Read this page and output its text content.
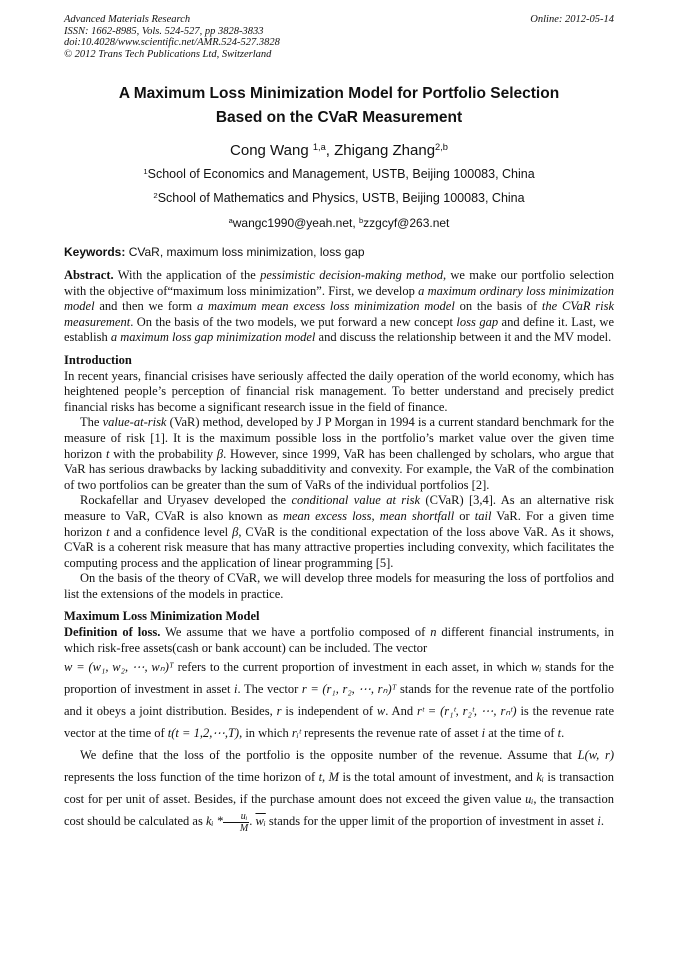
Advanced Materials Research
ISSN: 1662-8985, Vols. 524-527, pp 3828-3833
doi:10.4028/www.scientific.net/AMR.524-527.3828
© 2012 Trans Tech Publications Ltd, Switzerland
Online: 2012-05-14
A Maximum Loss Minimization Model for Portfolio Selection
Based on the CVaR Measurement
Cong Wang $^{1,a}$, Zhigang Zhang$^{2,b}$
$^1$School of Economics and Management, USTB, Beijing 100083, China
$^2$School of Mathematics and Physics, USTB, Beijing 100083, China
$^a$wangc1990@yeah.net, $^b$zzgcyf@263.net
Keywords: CVaR, maximum loss minimization, loss gap

Abstract. With the application of the pessimistic decision-making method, we make our portfolio selection with the objective of“maximum loss minimization”. First, we develop a maximum ordinary loss minimization model and then we form a maximum mean excess loss minimization model on the basis of the CVaR risk measurement. On the basis of the two models, we put forward a new concept loss gap and define it. Last, we establish a maximum loss gap minimization model and discuss the relationship between it and the MV model.

Introduction

In recent years, financial crisises have seriously affected the daily operation of the world economy, which has heightened people’s perception of financial risk management. To better understand and precisely predict financial risks has become a significant research issue in the field of finance.

The value-at-risk (VaR) method, developed by J P Morgan in 1994 is a current standard benchmark for the measure of risk [1]. It is the maximum possible loss in the portfolio’s market value over the given time horizon t with the probability β. However, since 1999, VaR has been challenged by scholars, who argue that VaR has serious drawbacks by lacking subadditivity and convexity. For example, the VaR of the combination of two portfolios can be greater than the sum of VaRs of the individual portfolios [2].

Rockafellar and Uryasev developed the conditional value at risk (CVaR) [3,4]. As an alternative risk measure to VaR, CVaR is also known as mean excess loss, mean shortfall or tail VaR. For a given time horizon t and a confidence level β, CVaR is the conditional expectation of the loss above VaR. As it shows, CVaR is a coherent risk measure that has many attractive properties including convexity, which facilitates the computing process and the application of linear programming [5].

On the basis of the theory of CVaR, we will develop three models for measuring the loss of portfolios and list the extensions of the models in practice.

Maximum Loss Minimization Model

Definition of loss. We assume that we have a portfolio composed of n different financial instruments, in which risk-free assets(cash or bank account) can be included. The vector

w = (w₁, w₂, ⋯, wₙ)ᵀ refers to the current proportion of investment in each asset, in which wᵢ stands for the proportion of investment in asset i. The vector r = (r₁, r₂, ⋯, rₙ)ᵀ stands for the revenue rate of the portfolio and it obeys a joint distribution. Besides, r is independent of w. And rᵗ = (r₁ᵗ, r₂ᵗ, ⋯, rₙᵗ) is the revenue rate vector at the time of t(t = 1,2,⋯,T), in which rᵢᵗ represents the revenue rate of asset i at the time of t.

We define that the loss of the portfolio is the opposite number of the revenue. Assume that L(w, r) represents the loss function of the time horizon of t, M is the total amount of investment, and kᵢ is transaction cost for per unit of asset. Besides, if the purchase amount does not exceed the given value uᵢ, the transaction cost should be calculated as kᵢ * $\frac{\text{uᵢ}}{M}$ . $\overline{wᵢ}$ stands for the upper limit of the proportion of investment in asset i.
